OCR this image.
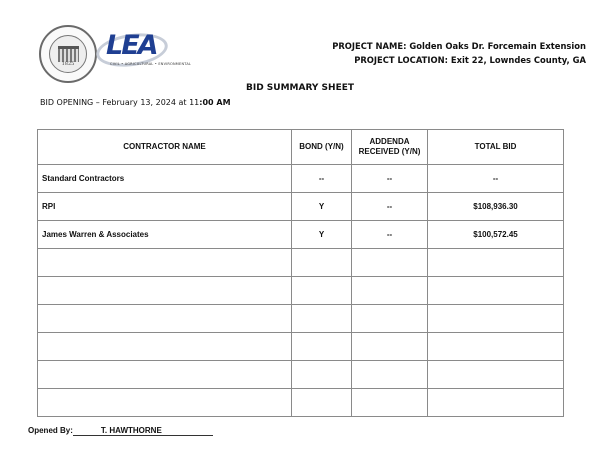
1825
LEA
CIVIL • AGRICULTURAL • ENVIRONMENTAL
PROJECT NAME: Golden Oaks Dr. Forcemain Extension
PROJECT LOCATION: Exit 22, Lowndes County, GA
BID SUMMARY SHEET
BID OPENING – February 13, 2024 at 11:00 AM
CONTRACTOR NAME	BOND (Y/N)	ADDENDA RECEIVED (Y/N)	TOTAL BID
Standard Contractors	--	--	--
RPI	Y	--	$108,936.30
James Warren & Associates	Y	--	$100,572.45

Opened By:	T. HAWTHORNE
